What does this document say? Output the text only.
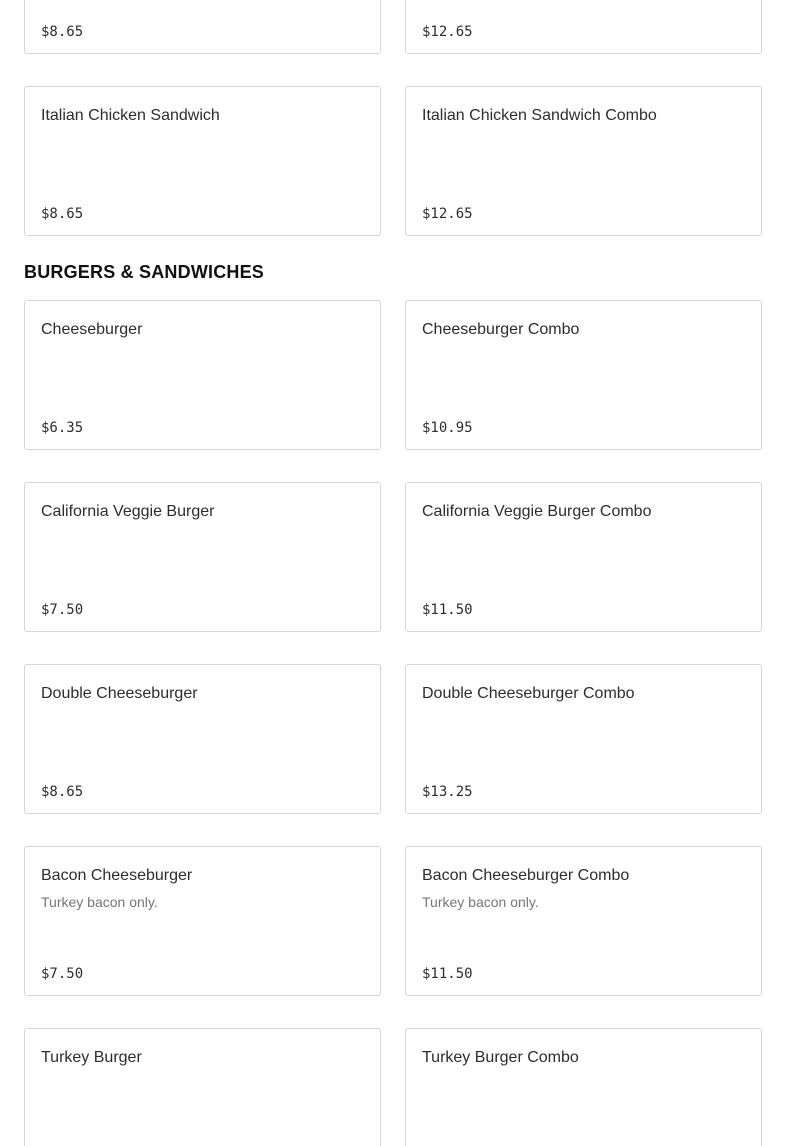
$8.65	$12.65
Italian Chicken Sandwich
$8.65
Italian Chicken Sandwich Combo
$12.65
BURGERS & SANDWICHES
Cheeseburger
$6.35
Cheeseburger Combo
$10.95
California Veggie Burger
$7.50
California Veggie Burger Combo
$11.50
Double Cheeseburger
$8.65
Double Cheeseburger Combo
$13.25
Bacon Cheeseburger
Turkey bacon only.
$7.50
Bacon Cheeseburger Combo
Turkey bacon only.
$11.50
Turkey Burger	Turkey Burger Combo
